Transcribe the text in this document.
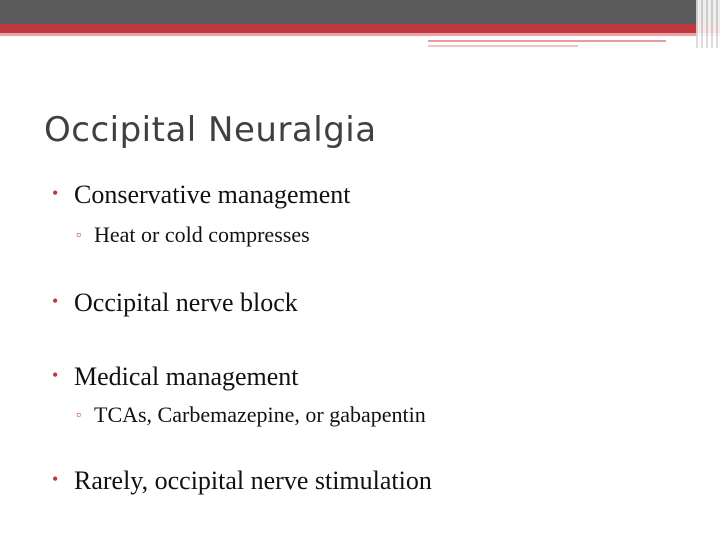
Occipital Neuralgia
• Conservative management
▫ Heat or cold compresses
• Occipital nerve block
• Medical management
▫ TCAs, Carbemazepine, or gabapentin
• Rarely, occipital nerve stimulation
